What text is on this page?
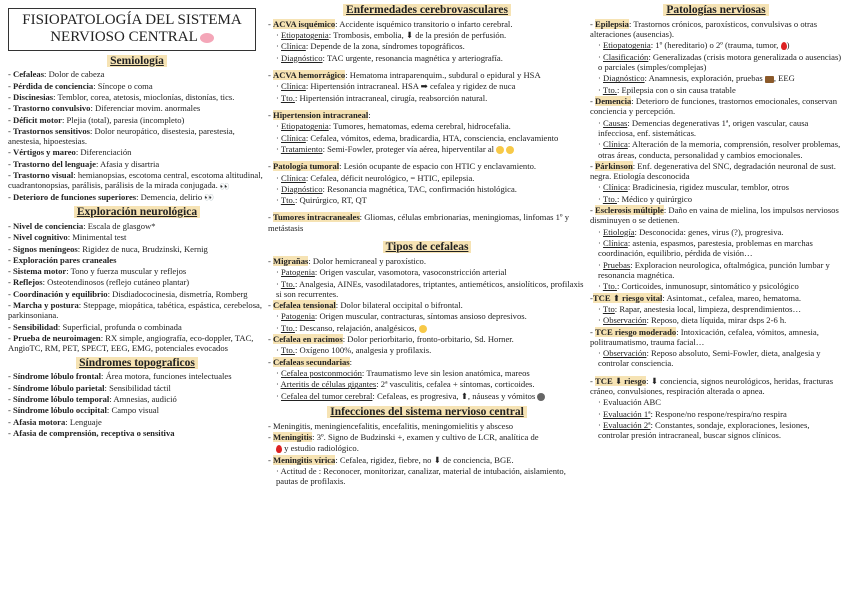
FISIOPATOLOGÍA DEL SISTEMA NERVIOSO CENTRAL
Semiología

- Cefaleas: Dolor de cabeza

- Pérdida de conciencia: Síncope o coma

- Discinesias: Temblor, corea, atetosis, mioclonías, distonías, tics.

- Trastorno convulsivo: Diferenciar movim. anormales

- Déficit motor: Plejia (total), paresia (incompleto)

- Trastornos sensitivos: Dolor neuropático, disestesia, parestesia, anestesia, hipoestesias.

- Vértigos y mareo: Diferenciación

- Trastorno del lenguaje: Afasia y disartria

- Trastorno visual: hemianopsias, escotoma central, escotoma altitudinal, cuadrantonopsias, parálisis, parálisis de la mirada conjugada. 👀

- Deterioro de funciones superiores: Demencia, delirio 👀

Exploración neurológica

- Nivel de conciencia: Escala de glasgow*

- Nivel cognitivo: Minimental test

- Signos meníngeos: Rigidez de nuca, Brudzinski, Kernig

- Exploración pares craneales

- Sistema motor: Tono y fuerza muscular y reflejos

- Reflejos: Osteotendinosos (reflejo cutáneo plantar)

- Coordinación y equilibrio: Disdiadococinesia, dismetría, Romberg

- Marcha y postura: Steppage, miopática, tabética, espástica, cerebelosa, parkinsoniana.

- Sensibilidad: Superficial, profunda o combinada

- Prueba de neuroimagen: RX simple, angiografía, eco-doppler, TAC, AngioTC, RM, PET, SPECT, EEG, EMG, potenciales evocados

Síndromes topograficos

- Síndrome lóbulo frontal: Área motora, funciones intelectuales

- Síndrome lóbulo parietal: Sensibilidad táctil

- Síndrome lóbulo temporal: Amnesias, audició

- Síndrome lóbulo occipital: Campo visual

- Afasia motora: Lenguaje

- Afasia de comprensión, receptiva o sensitiva

Enfermedades cerebrovasculares

- ACVA isquémico: Accidente isquémico transitorio o infarto cerebral.

· Etiopatogenia: Trombosis, embolia, ⬇ de la presión de perfusión.

· Clínica: Depende de la zona, síndromes topográficos.

· Diagnóstico: TAC urgente, resonancia magnética y arteriografía.

- ACVA hemorrágico: Hematoma intraparenquim., subdural o epidural y HSA

· Clínica: Hipertensión intracraneal. HSA ➡ cefalea y rigidez de nuca

· Tto.: Hipertensión intracraneal, cirugía, reabsorción natural.

- Hipertension intracraneal:

· Etiopatogenia: Tumores, hematomas, edema cerebral, hidrocefalia.

· Clínica: Cefalea, vómitos, edema, bradicardia, HTA, consciencia, enclavamiento

· Tratamiento: Semi-Fowler, proteger vía aérea, hiperventilar al

- Patología tumoral: Lesión ocupante de espacio con HTIC y enclavamiento.

· Clínica: Cefalea, déficit neurológico, = HTIC, epilepsia.

· Diagnóstico: Resonancia magnética, TAC, confirmación histológica.

· Tto.: Quirúrgico, RT, QT

- Tumores intracraneales: Gliomas, células embrionarias, meningiomas, linfomas 1º y metástasis

Tipos de cefaleas

- Migrañas: Dolor hemicraneal y paroxístico.

· Patogenia: Origen vascular, vasomotora, vasoconstricción arterial

· Tto.: Analgesia, AINEs, vasodilatadores, triptantes, antieméticos, ansiolíticos, profilaxis si son recurrentes.

- Cefalea tensional: Dolor bilateral occipital o bifrontal.

· Patogenia: Origen muscular, contracturas, síntomas ansioso depresivos.

· Tto.: Descanso, relajación, analgésicos,

- Cefalea en racimos: Dolor periorbitario, fronto-orbitario, Sd. Horner.

· Tto.: Oxígeno 100%, analgesia y profilaxis.

- Cefaleas secundarias:

· Cefalea postconmoción: Traumatismo leve sin lesion anatómica, mareos

· Arteritis de células gigantes: 2ª vasculitis, cefalea + síntomas, corticoides.

· Cefalea del tumor cerebral: Cefaleas, es progresiva, ⬆, náuseas y vómitos

Infecciones del sistema nervioso central

- Meningitis, meningiencefalitis, encefalitis, meningomielitis y absceso

- Meningitis: 3º. Signo de Budzinski +, examen y cultivo de LCR, analítica de

y estudio radiológico.

- Meningitis vírica: Cefalea, rigidez, fiebre, no ⬇ de conciencia, BGE.

· Actitud de : Reconocer, monitorizar, canalizar, material de intubación, aislamiento, pautas de profilaxis.

Patologías nerviosas

- Epilepsia: Trastornos crónicos, paroxísticos, convulsivas o otras alteraciones (ausencias).

· Etiopatogenia: 1º (hereditario) o 2º (trauma, tumor, )

· Clasificación: Generalizadas (crisis motora generalizada o ausencias) o parciales (simples/complejas)

· Diagnóstico: Anamnesis, exploración, pruebas , EEG

· Tto.: Epilepsia con o sin causa tratable

- Demencia: Deterioro de funciones, trastornos emocionales, conservan conciencia y percepción.

· Causas: Demencias degenerativas 1ª, origen vascular, causa infecciosa, enf. sistemáticas.

· Clínica: Alteración de la memoria, comprensión, resolver problemas, otras áreas, conducta, personalidad y cambios emocionales.

- Párkinson: Enf. degenerativa del SNC, degradación neuronal de sust. negra. Etiología desconocida

· Clínica: Bradicinesia, rigidez muscular, temblor, otros

· Tto.: Médico y quirúrgico

- Esclerosis múltiple: Daño en vaina de mielina, los impulsos nerviosos disminuyen o se detienen.

· Etiología: Desconocida: genes, virus (?), progresiva.

· Clínica: astenia, espasmos, parestesia, problemas en marchas coordinación, equilibrio, pérdida de visión…

· Pruebas: Exploracion neurologica, oftalmógica, punción lumbar y resonancia magnética.

· Tto.: Corticoides, inmunosupr, sintomático y psicológico

-TCE ⬆ riesgo vital: Asintomat., cefalea, mareo, hematoma.

· Tto: Rapar, anestesia local, limpieza, desprendimientos…

· Observación: Reposo, dieta líquida, mirar dsps 2-6 h.

- TCE riesgo moderado: Intoxicación, cefalea, vómitos, amnesia, politraumatismo, trauma facial…

· Observación: Reposo absoluto, Semi-Fowler, dieta, analgesia y controlar consciencia.

- TCE ⬇ riesgo: ⬇ conciencia, signos neurológicos, heridas, fracturas cráneo, convulsiones, respiración alterada o apnea.

· Evaluación ABC

· Evaluación 1ª: Respone/no respone/respira/no respira

· Evaluación 2ª: Constantes, sondaje, exploraciones, lesiones, controlar presión intracraneal, buscar signos clínicos.
